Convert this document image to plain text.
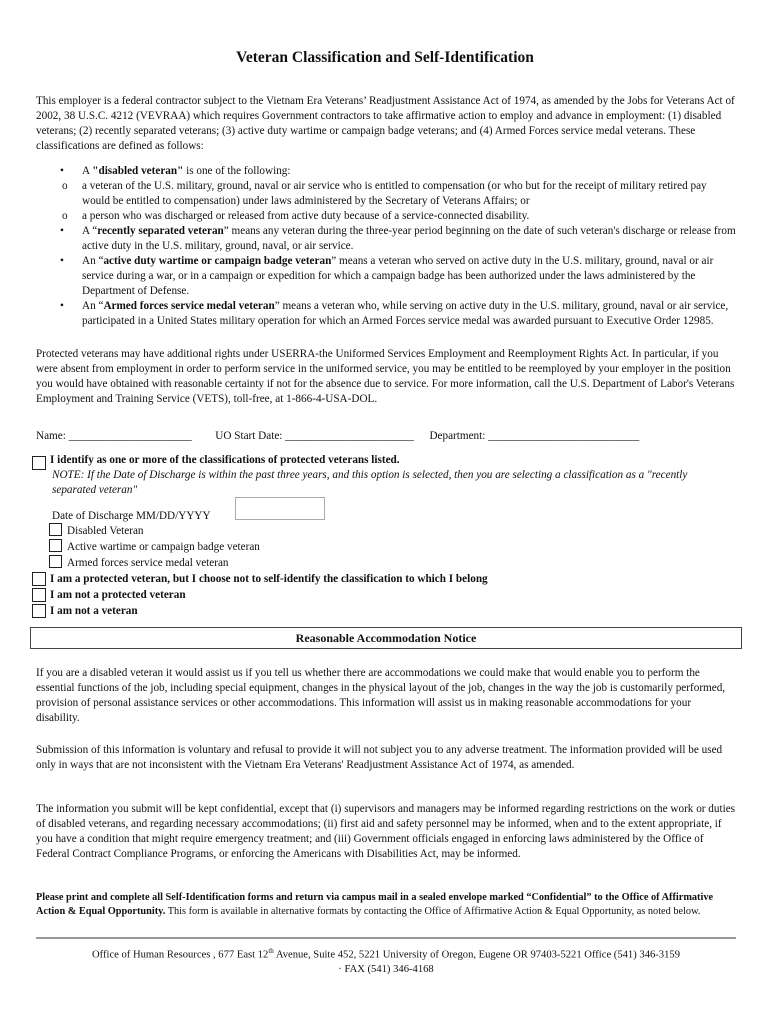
Veteran Classification and Self-Identification
This employer is a federal contractor subject to the Vietnam Era Veterans’ Readjustment Assistance Act of 1974, as amended by the Jobs for Veterans Act of 2002, 38 U.S.C. 4212 (VEVRAA) which requires Government contractors to take affirmative action to employ and advance in employment: (1) disabled veterans; (2) recently separated veterans; (3) active duty wartime or campaign badge veterans; and (4) Armed Forces service medal veterans. These classifications are defined as follows:
• A "disabled veteran" is one of the following:
o a veteran of the U.S. military, ground, naval or air service who is entitled to compensation (or who but for the receipt of military retired pay would be entitled to compensation) under laws administered by the Secretary of Veterans Affairs; or
o a person who was discharged or released from active duty because of a service-connected disability.
• A “recently separated veteran” means any veteran during the three-year period beginning on the date of such veteran's discharge or release from active duty in the U.S. military, ground, naval, or air service.
• An “active duty wartime or campaign badge veteran” means a veteran who served on active duty in the U.S. military, ground, naval or air service during a war, or in a campaign or expedition for which a campaign badge has been authorized under the laws administered by the Department of Defense.
• An “Armed forces service medal veteran” means a veteran who, while serving on active duty in the U.S. military, ground, naval or air service, participated in a United States military operation for which an Armed Forces service medal was awarded pursuant to Executive Order 12985.
Protected veterans may have additional rights under USERRA-the Uniformed Services Employment and Reemployment Rights Act. In particular, if you were absent from employment in order to perform service in the uniformed service, you may be entitled to be reemployed by your employer in the position you would have obtained with reasonable certainty if not for the absence due to service. For more information, call the U.S. Department of Labor's Veterans Employment and Training Service (VETS), toll-free, at 1-866-4-USA-DOL.
Name: ______________________ UO Start Date: _______________________ Department: ___________________________
I identify as one or more of the classifications of protected veterans listed.
NOTE: If the Date of Discharge is within the past three years, and this option is selected, then you are selecting a classification as a "recently separated veteran"
Date of Discharge MM/DD/YYYY
Disabled Veteran
Active wartime or campaign badge veteran
Armed forces service medal veteran
I am a protected veteran, but I choose not to self-identify the classification to which I belong
I am not a protected veteran
I am not a veteran
Reasonable Accommodation Notice
If you are a disabled veteran it would assist us if you tell us whether there are accommodations we could make that would enable you to perform the essential functions of the job, including special equipment, changes in the physical layout of the job, changes in the way the job is customarily performed, provision of personal assistance services or other accommodations. This information will assist us in making reasonable accommodations for your disability.
Submission of this information is voluntary and refusal to provide it will not subject you to any adverse treatment. The information provided will be used only in ways that are not inconsistent with the Vietnam Era Veterans' Readjustment Assistance Act of 1974, as amended.
The information you submit will be kept confidential, except that (i) supervisors and managers may be informed regarding restrictions on the work or duties of disabled veterans, and regarding necessary accommodations; (ii) first aid and safety personnel may be informed, when and to the extent appropriate, if you have a condition that might require emergency treatment; and (iii) Government officials engaged in enforcing laws administered by the Office of Federal Contract Compliance Programs, or enforcing the Americans with Disabilities Act, may be informed.
Please print and complete all Self-Identification forms and return via campus mail in a sealed envelope marked “Confidential” to the Office of Affirmative Action & Equal Opportunity. This form is available in alternative formats by contacting the Office of Affirmative Action & Equal Opportunity, as noted below.
Office of Human Resources , 677 East 12th Avenue, Suite 452, 5221 University of Oregon, Eugene OR 97403-5221 Office (541) 346-3159
· FAX (541) 346-4168
